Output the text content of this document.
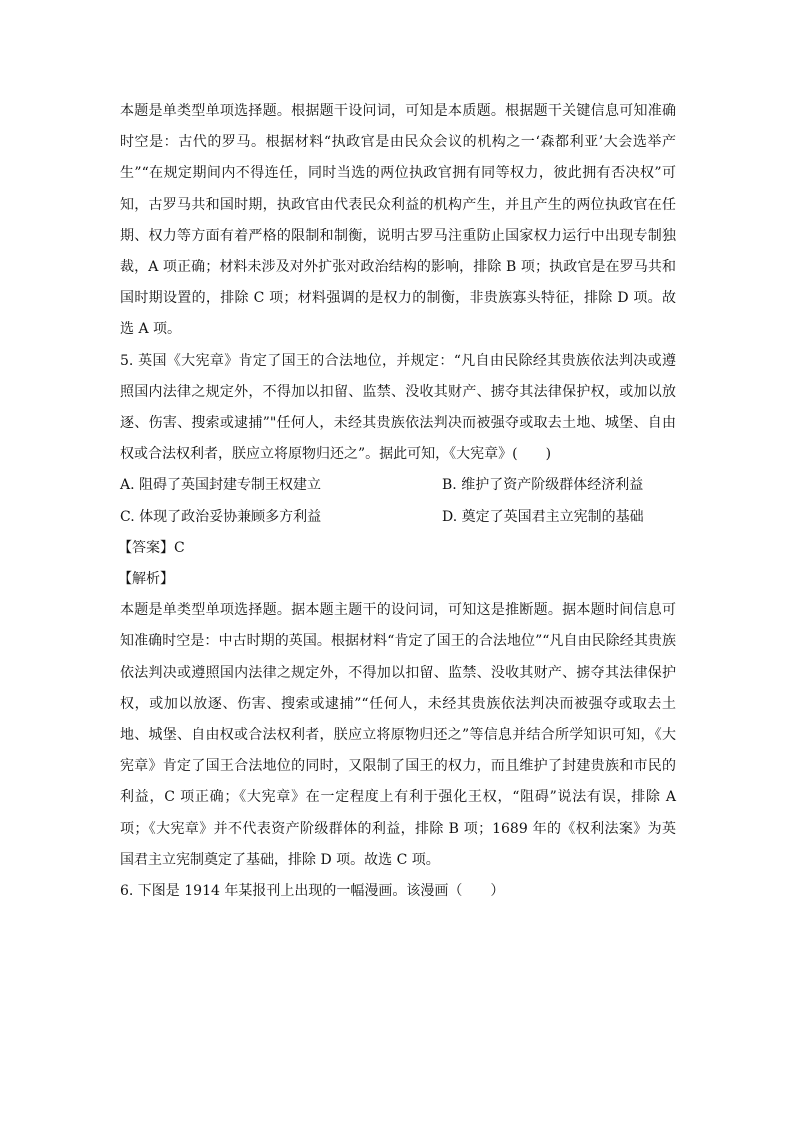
本题是单类型单项选择题。根据题干设问词，可知是本质题。根据题干关键信息可知准确时空是：古代的罗马。根据材料“执政官是由民众会议的机构之一‘森都利亚’大会选举产生”“在规定期间内不得连任，同时当选的两位执政官拥有同等权力，彼此拥有否决权”可知，古罗马共和国时期，执政官由代表民众利益的机构产生，并且产生的两位执政官在任期、权力等方面有着严格的限制和制衡，说明古罗马注重防止国家权力运行中出现专制独裁，A 项正确；材料未涉及对外扩张对政治结构的影响，排除 B 项；执政官是在罗马共和国时期设置的，排除 C 项；材料强调的是权力的制衡，非贵族寡头特征，排除 D 项。故选 A 项。

5. 英国《大宪章》肯定了国王的合法地位，并规定：“凡自由民除经其贵族依法判决或遵照国内法律之规定外，不得加以扣留、监禁、没收其财产、掳夺其法律保护权，或加以放逐、伤害、搜索或逮捕”"任何人，未经其贵族依法判决而被强夺或取去土地、城堡、自由权或合法权利者，朕应立将原物归还之”。据此可知，《大宪章》(　　)

A. 阻碍了英国封建专制王权建立	B. 维护了资产阶级群体经济利益
C. 体现了政治妥协兼顾多方利益	D. 奠定了英国君主立宪制的基础
【答案】C
【解析】

本题是单类型单项选择题。据本题主题干的设问词，可知这是推断题。据本题时间信息可知准确时空是：中古时期的英国。根据材料“肯定了国王的合法地位”“凡自由民除经其贵族依法判决或遵照国内法律之规定外，不得加以扣留、监禁、没收其财产、掳夺其法律保护权，或加以放逐、伤害、搜索或逮捕”“任何人，未经其贵族依法判决而被强夺或取去土地、城堡、自由权或合法权利者，朕应立将原物归还之”等信息并结合所学知识可知，《大宪章》肯定了国王合法地位的同时，又限制了国王的权力，而且维护了封建贵族和市民的利益，C 项正确；《大宪章》在一定程度上有利于强化王权，“阻碍”说法有误，排除 A 项；《大宪章》并不代表资产阶级群体的利益，排除 B 项；1689 年的《权利法案》为英国君主立宪制奠定了基础，排除 D 项。故选 C 项。

6. 下图是 1914 年某报刊上出现的一幅漫画。该漫画（　　）
